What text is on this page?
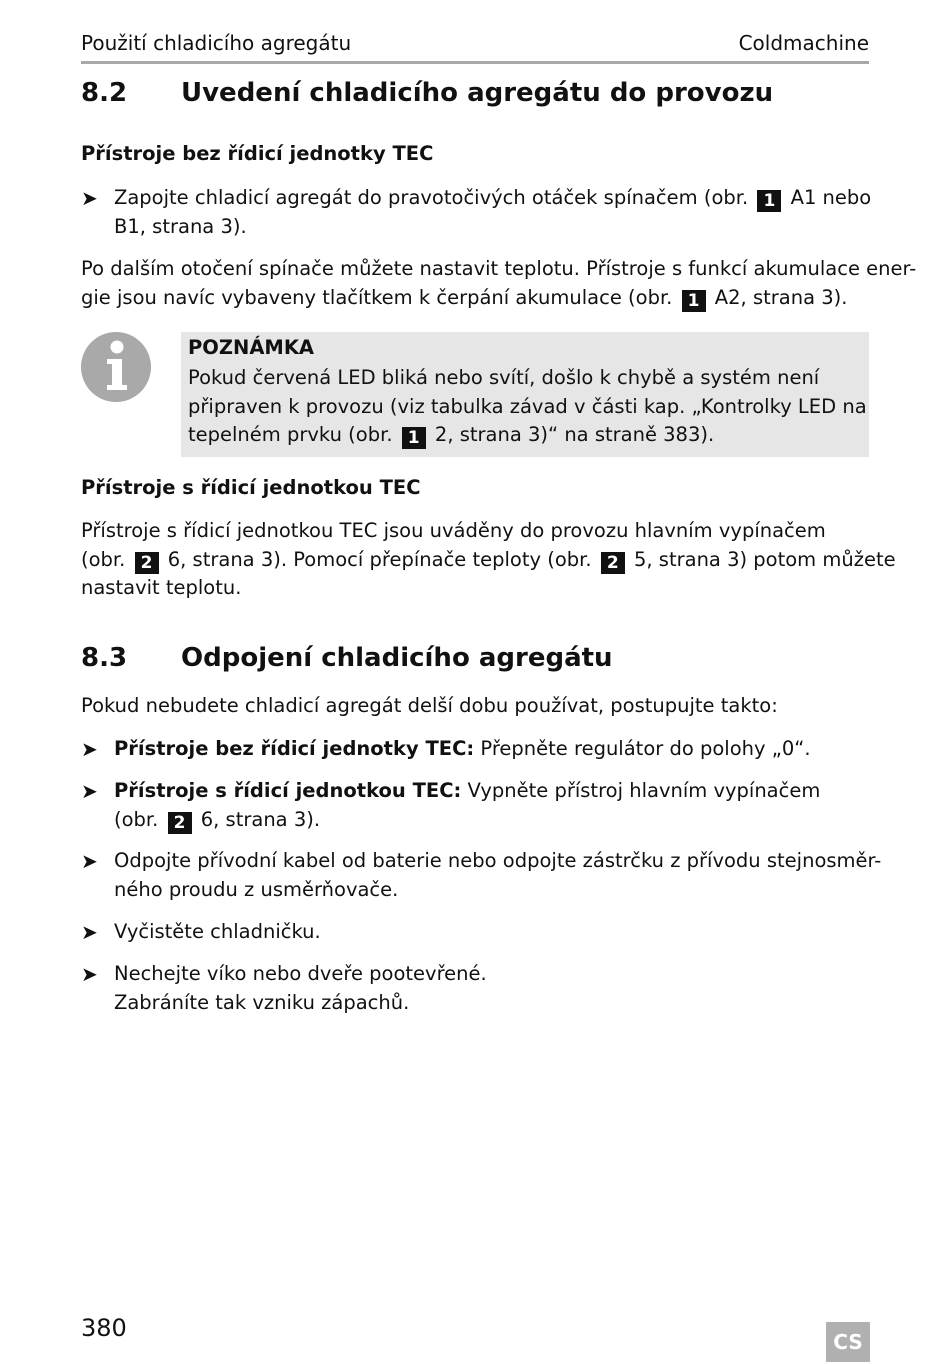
Použití chladicího agregátu	Coldmachine
8.2 Uvedení chladicího agregátu do provozu
Přístroje bez řídicí jednotky TEC
➤ Zapojte chladicí agregát do pravotočivých otáček spínačem (obr. 1 A1 nebo
B1, strana 3).
Po dalším otočení spínače můžete nastavit teplotu. Přístroje s funkcí akumulace ener-
gie jsou navíc vybaveny tlačítkem k čerpání akumulace (obr. 1 A2, strana 3).
POZNÁMKA
Pokud červená LED bliká nebo svítí, došlo k chybě a systém není
připraven k provozu (viz tabulka závad v části kap. „Kontrolky LED na
tepelném prvku (obr. 1 2, strana 3)“ na straně 383).
Přístroje s řídicí jednotkou TEC
Přístroje s řídicí jednotkou TEC jsou uváděny do provozu hlavním vypínačem
(obr. 2 6, strana 3). Pomocí přepínače teploty (obr. 2 5, strana 3) potom můžete
nastavit teplotu.
8.3 Odpojení chladicího agregátu
Pokud nebudete chladicí agregát delší dobu používat, postupujte takto:
➤ Přístroje bez řídicí jednotky TEC: Přepněte regulátor do polohy „0“.
➤ Přístroje s řídicí jednotkou TEC: Vypněte přístroj hlavním vypínačem
(obr. 2 6, strana 3).
➤ Odpojte přívodní kabel od baterie nebo odpojte zástrčku z přívodu stejnosměr-
ného proudu z usměrňovače.
➤ Vyčistěte chladničku.
➤ Nechejte víko nebo dveře pootevřené.
Zabráníte tak vzniku zápachů.
380	CS
